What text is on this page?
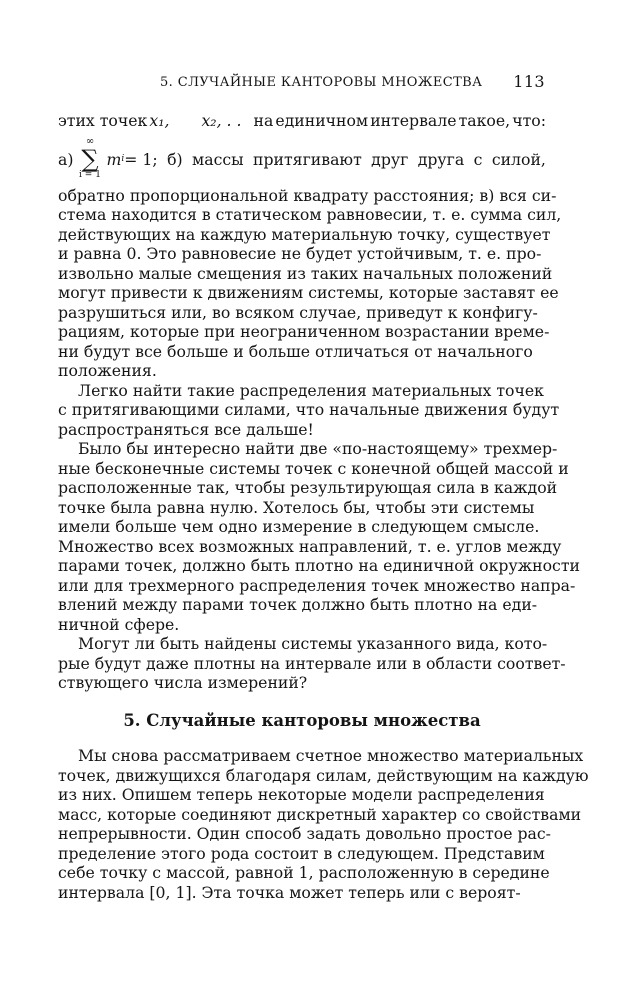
5. СЛУЧАЙНЫЕ КАНТОРОВЫ МНОЖЕСТВА 113
этих точек x₁,	x₂, . . на единичном интервале такое, что:
а)
∞
∑
i = 1
m i = 1; б) массы притягивают друг друга с силой,
обратно пропорциональной квадрату расстояния; в) вся си-
стема находится в статическом равновесии, т. е. сумма сил,
действующих на каждую материальную точку, существует
и равна 0. Это равновесие не будет устойчивым, т. е. про-
извольно малые смещения из таких начальных положений
могут привести к движениям системы, которые заставят ее
разрушиться или, во всяком случае, приведут к конфигу-
рациям, которые при неограниченном возрастании време-
ни будут все больше и больше отличаться от начального
положения.
Легко найти такие распределения материальных точек
с притягивающими силами, что начальные движения будут
распространяться все дальше!
Было бы интересно найти две «по-настоящему» трехмер-
ные бесконечные системы точек с конечной общей массой и
расположенные так, чтобы результирующая сила в каждой
точке была равна нулю. Хотелось бы, чтобы эти системы
имели больше чем одно измерение в следующем смысле.
Множество всех возможных направлений, т. е. углов между
парами точек, должно быть плотно на единичной окружности
или для трехмерного распределения точек множество напра-
влений между парами точек должно быть плотно на еди-
ничной сфере.
Могут ли быть найдены системы указанного вида, кото-
рые будут даже плотны на интервале или в области соответ-
ствующего числа измерений?
5. Случайные канторовы множества
Мы снова рассматриваем счетное множество материальных
точек, движущихся благодаря силам, действующим на каждую
из них. Опишем теперь некоторые модели распределения
масс, которые соединяют дискретный характер со свойствами
непрерывности. Один способ задать довольно простое рас-
пределение этого рода состоит в следующем. Представим
себе точку с массой, равной 1, расположенную в середине
интервала [0, 1]. Эта точка может теперь или с вероят-
